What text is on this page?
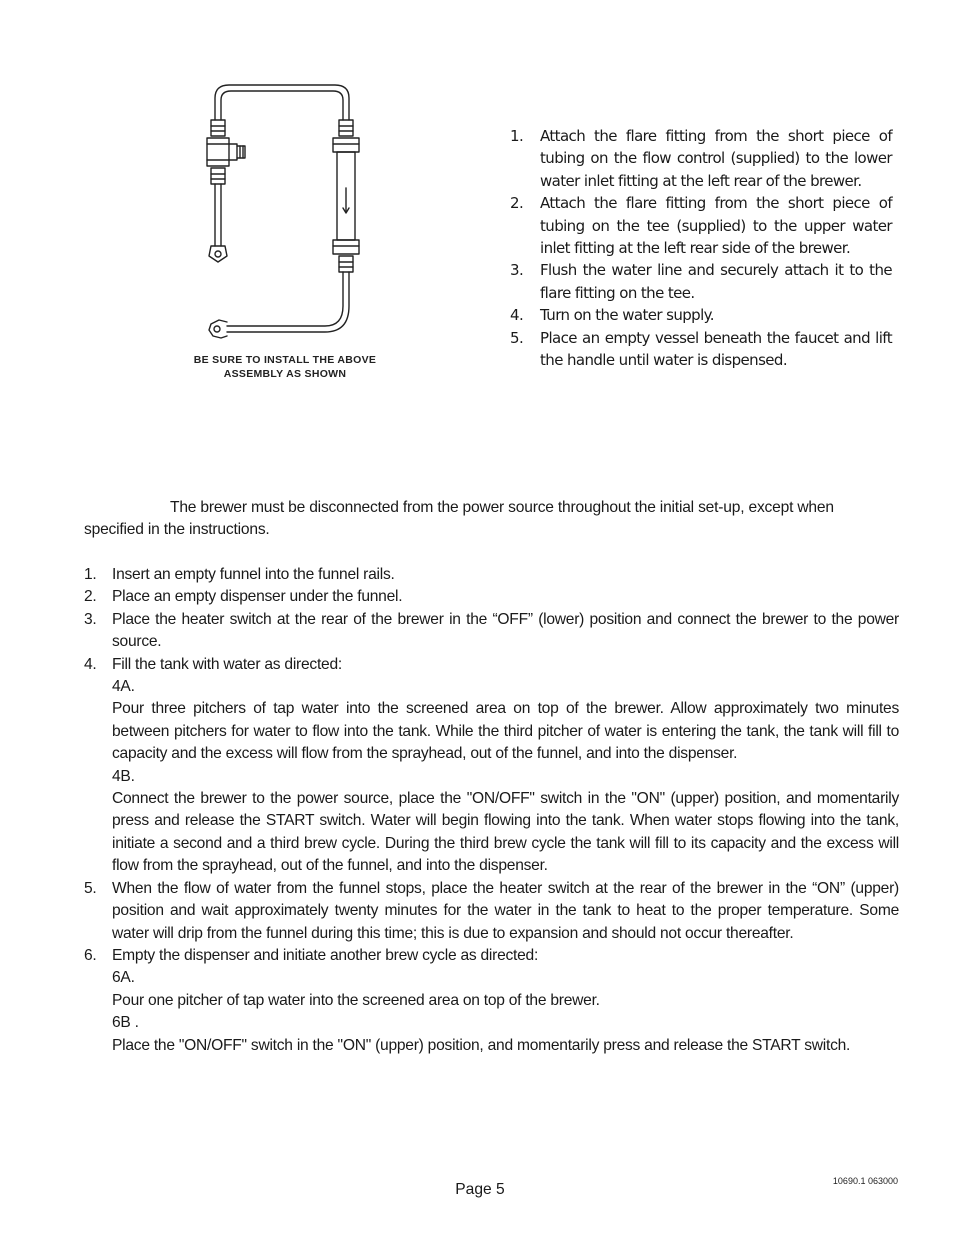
BE SURE TO INSTALL THE ABOVE
ASSEMBLY AS SHOWN
1. Attach the flare fitting from the short piece of tubing on the flow control (supplied) to the lower water inlet fitting at the left rear of the brewer.
2. Attach the flare fitting from the short piece of tubing on the tee (supplied) to the upper water inlet fitting at the left rear side of the brewer.
3. Flush the water line and securely attach it to the flare fitting on the tee.
4. Turn on the water supply.
5. Place an empty vessel beneath the faucet and lift the handle until water is dispensed.

The brewer must be disconnected from the power source throughout the initial set-up, except when specified in the instructions.

1. Insert an empty funnel into the funnel rails.
2. Place an empty dispenser under the funnel.
3. Place the heater switch at the rear of the brewer in the “OFF” (lower) position and connect the brewer to the power source.
4. Fill the tank with water as directed:
4A.
Pour three pitchers of tap water into the screened area on top of the brewer. Allow approximately two minutes between pitchers for water to flow into the tank. While the third pitcher of water is entering the tank, the tank will fill to capacity and the excess will flow from the sprayhead, out of the funnel, and into the dispenser.
4B.
Connect the brewer to the power source, place the "ON/OFF" switch in the "ON" (upper) position, and momentarily press and release the START switch. Water will begin flowing into the tank. When water stops flowing into the tank, initiate a second and a third brew cycle. During the third brew cycle the tank will fill to its capacity and the excess will flow from the sprayhead, out of the funnel, and into the dispenser.
5. When the flow of water from the funnel stops, place the heater switch at the rear of the brewer in the “ON” (upper) position and wait approximately twenty minutes for the water in the tank to heat to the proper temperature. Some water will drip from the funnel during this time; this is due to expansion and should not occur thereafter.
6. Empty the dispenser and initiate another brew cycle as directed:
6A.
Pour one pitcher of tap water into the screened area on top of the brewer.
6B .
Place the "ON/OFF" switch in the "ON" (upper) position, and momentarily press and release the START switch.
Page 5	10690.1 063000
